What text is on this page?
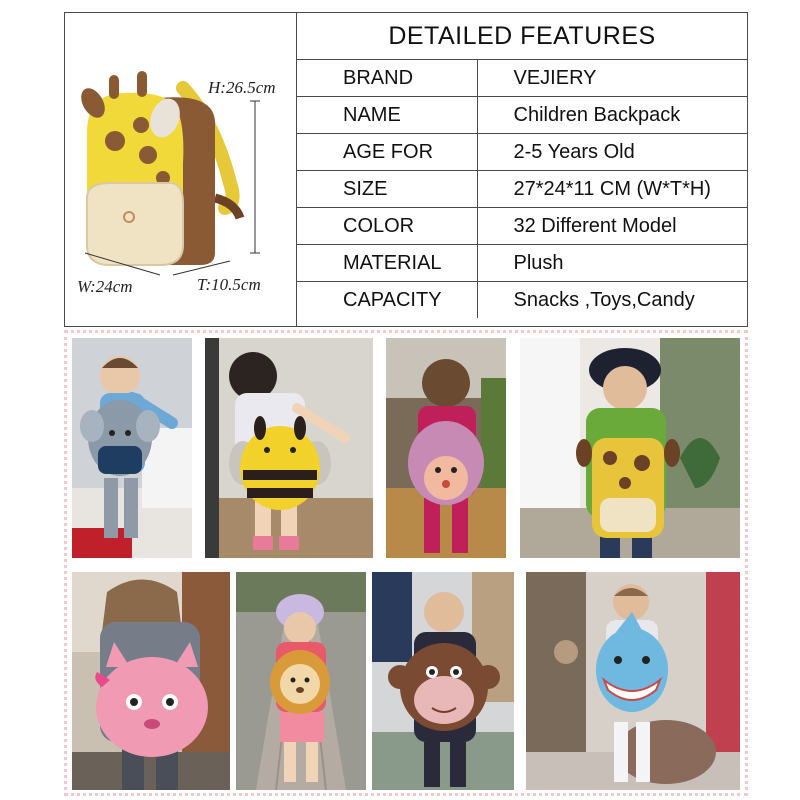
H:26.5cm
W:24cm	T:10.5cm
DETAILED FEATURES	
BRAND	VEJIERY
NAME	Children Backpack
AGE FOR	2-5 Years Old
SIZE	27*24*11 CM (W*T*H)
COLOR	32 Different Model
MATERIAL	Plush
CAPACITY	Snacks ,Toys,Candy
